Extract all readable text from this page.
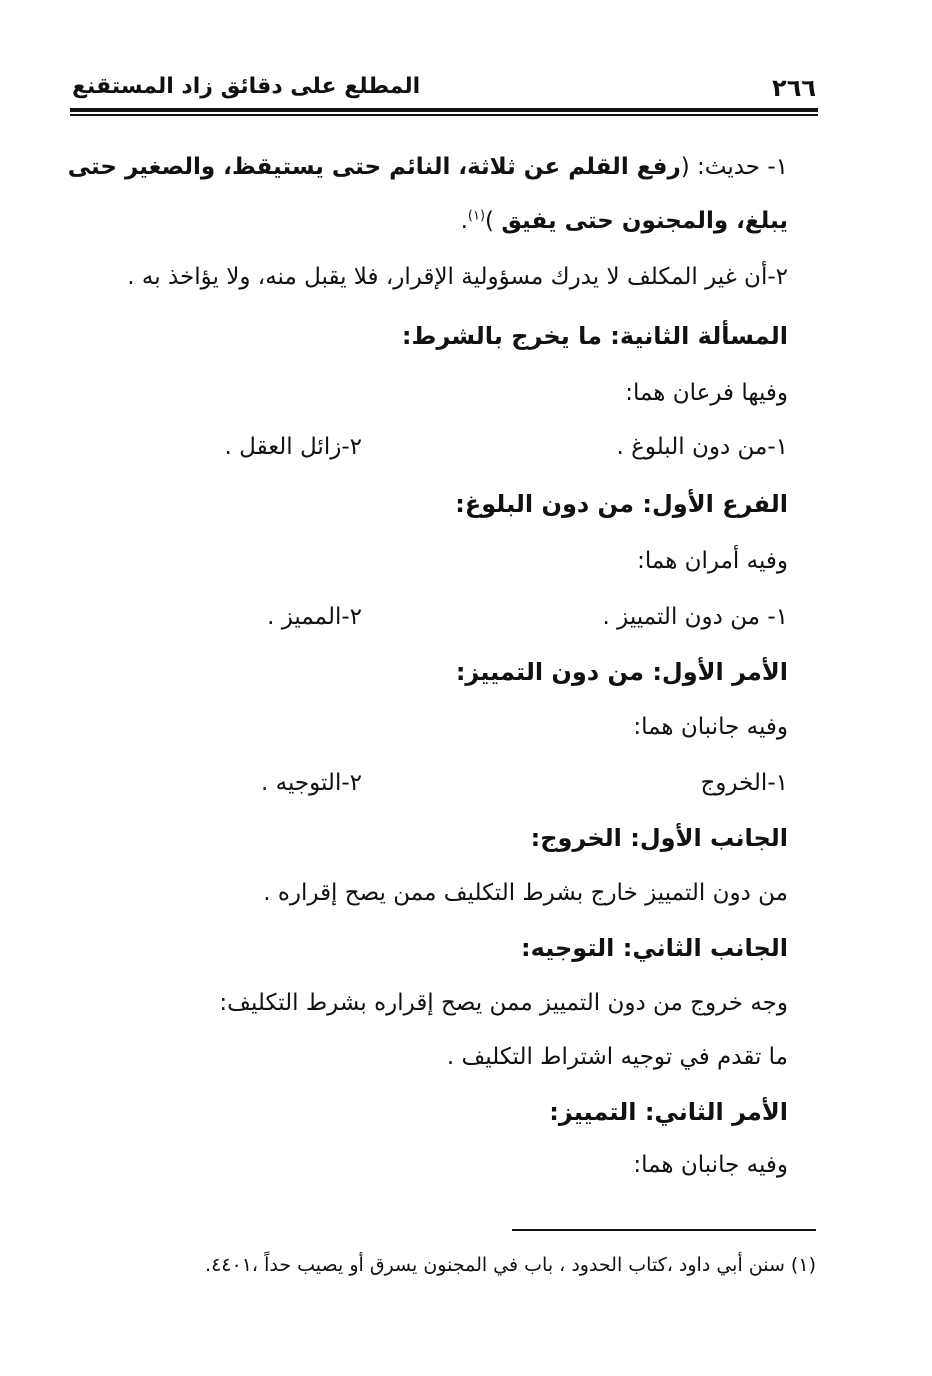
٢٦٦
المطلع على دقائق زاد المستقنع
١- حديث: (رفع القلم عن ثلاثة، النائم حتى يستيقظ، والصغير حتى
يبلغ، والمجنون حتى يفيق )$^{(١)}$.
٢-أن غير المكلف لا يدرك مسؤولية الإقرار، فلا يقبل منه، ولا يؤاخذ به .
المسألة الثانية: ما يخرج بالشرط:
وفيها فرعان هما:
١-من دون البلوغ .
٢-زائل العقل .
الفرع الأول: من دون البلوغ:
وفيه أمران هما:
١- من دون التمييز .
٢-المميز .
الأمر الأول: من دون التمييز:
وفيه جانبان هما:
١-الخروج
٢-التوجيه .
الجانب الأول: الخروج:
من دون التمييز خارج بشرط التكليف ممن يصح إقراره .
الجانب الثاني: التوجيه:
وجه خروج من دون التمييز ممن يصح إقراره بشرط التكليف:
ما تقدم في توجيه اشتراط التكليف .
الأمر الثاني: التمييز:
وفيه جانبان هما:
(١) سنن أبي داود ،كتاب الحدود ، باب في المجنون يسرق أو يصيب حداً ،٤٤٠١.
